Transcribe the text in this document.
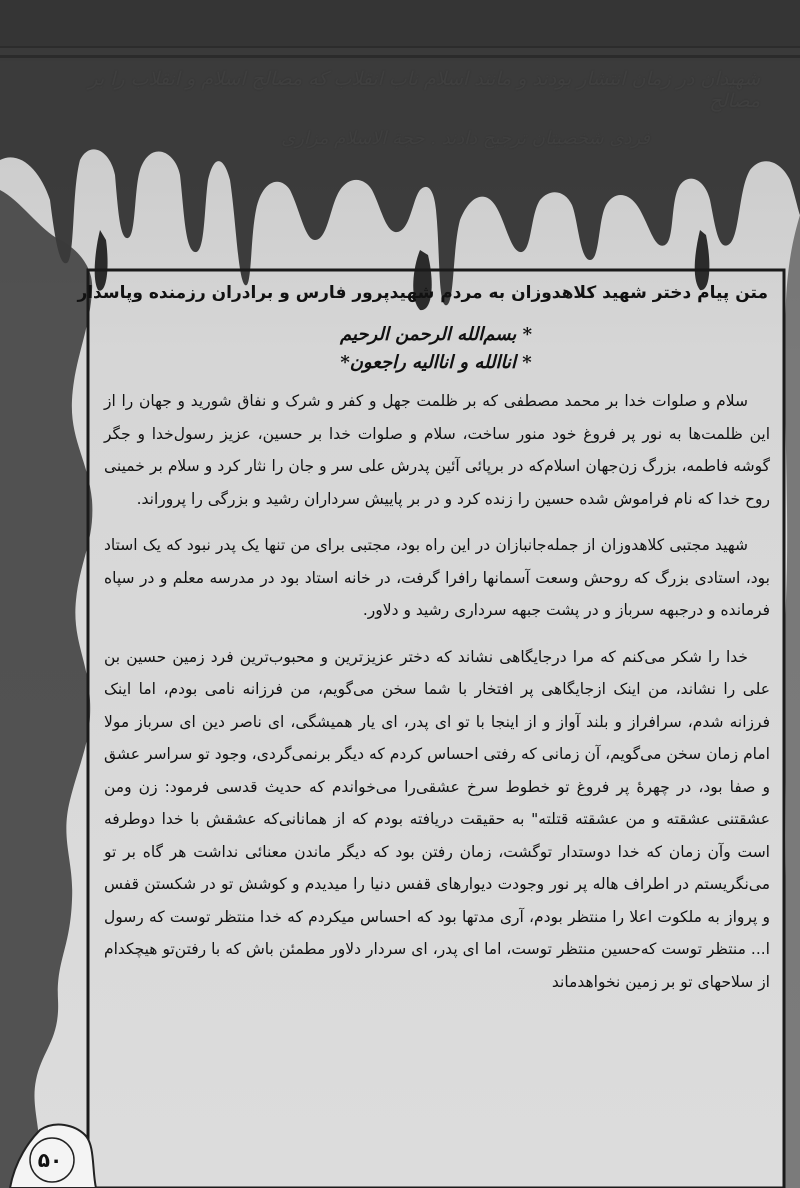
متن پیام دختر شهید کلاهدوزان به مردم شهیدپرور فارس و برادران رزمنده وپاسدار
* بسم‌الله الرحمن الرحیم
* اناالله و اناالیه راجعون*

سلام و صلوات خدا بر محمد مصطفی که بر ظلمت جهل و کفر و شرک و نفاق شورید و جهان را از این ظلمت‌ها به نور پر فروغ خود منور ساخت، سلام و صلوات خدا بر حسین، عزیز رسول‌خدا و جگر گوشه فاطمه، بزرگ زن‌جهان اسلام‌که در برپائی آئین پدرش علی سر و جان را نثار کرد و سلام بر خمینی روح خدا که نام فراموش شده حسین را زنده کرد و در بر پاییش سرداران رشید و بزرگی را پروراند.

شهید مجتبی کلاهدوزان از جمله‌جانبازان در این راه بود، مجتبی برای من تنها یک پدر نبود که یک استاد بود، استادی بزرگ که روحش وسعت آسمانها رافرا گرفت، در خانه استاد بود در مدرسه معلم و در سپاه فرمانده و درجبهه سرباز و در پشت جبهه سرداری رشید و دلاور.

خدا را شکر می‌کنم که مرا درجایگاهی نشاند که دختر عزیزترین و محبوب‌ترین فرد زمین حسین بن علی را نشاند، من اینک ازجایگاهی پر افتخار با شما سخن می‌گویم، من فرزانه نامی بودم، اما اینک فرزانه شدم، سرافراز و بلند آواز و از اینجا با تو ای پدر، ای یار همیشگی، ای ناصر دین ای سرباز مولا امام زمان سخن می‌گویم، آن زمانی که رفتی احساس کردم که دیگر برنمی‌گردی، وجود تو سراسر عشق و صفا بود، در چهرهٔ پر فروغ تو خطوط سرخ عشقی‌را می‌خواندم که حدیث قدسی فرمود: زن ومن عشقتنی عشقته و من عشقته قتلته" به حقیقت دریافته بودم که از همانانی‌که عشقش با خدا دوطرفه است وآن زمان که خدا دوستدار توگشت، زمان رفتن بود که دیگر ماندن معنائی نداشت هر گاه بر تو می‌نگریستم در اطراف هاله پر نور وجودت دیوارهای قفس دنیا را میدیدم و کوشش تو در شکستن قفس و پرواز به ملکوت اعلا را منتظر بودم، آری مدتها بود که احساس میکردم که خدا منتظر توست که رسول ا... منتظر توست که‌حسین منتظر توست، اما ای پدر، ای سردار دلاور مطمئن باش که با رفتن‌تو هیچکدام از سلاحهای تو بر زمین نخواهدماند

۵۰
